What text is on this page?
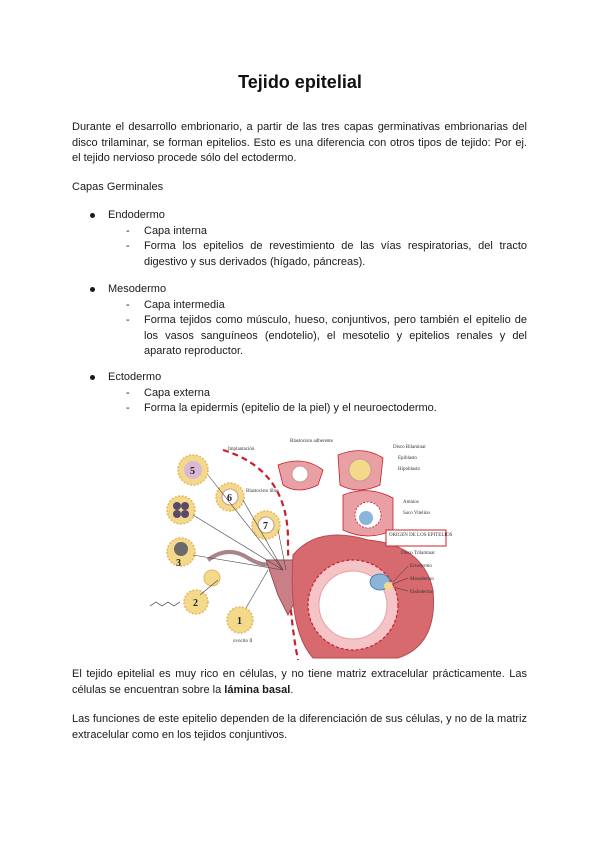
Tejido epitelial

Durante el desarrollo embrionario, a partir de las tres capas germinativas embrionarias del disco trilaminar, se forman epitelios. Esto es una diferencia con otros tipos de tejido: Por ej. el tejido nervioso procede sólo del ectodermo.

Capas Germinales

Endodermo
- Capa interna
- Forma los epitelios de revestimiento de las vías respiratorias, del tracto digestivo y sus derivados (hígado, páncreas).
Mesodermo
- Capa intermedia
- Forma tejidos como músculo, hueso, conjuntivos, pero también el epitelio de los vasos sanguíneos (endotelio), el mesotelio y epitelios renales y del aparato reproductor.
Ectodermo
- Capa externa
- Forma la epidermis (epitelio de la piel) y el neuroectodermo.
Implantación
5
3
6
Blastocisto libre
7
2
1
ovocito II
Blastocisto adherente
Disco Bilaminar
Epiblasto
Hipoblasto
Amnios
Saco Vitelino
ORIGEN DE LOS EPITELIOS
Disco Trilaminar
Ectodermo
Mesodermo
Endodermo

El tejido epitelial es muy rico en células, y no tiene matriz extracelular prácticamente. Las células se encuentran sobre la lámina basal.

Las funciones de este epitelio dependen de la diferenciación de sus células, y no de la matriz extracelular como en los tejidos conjuntivos.
